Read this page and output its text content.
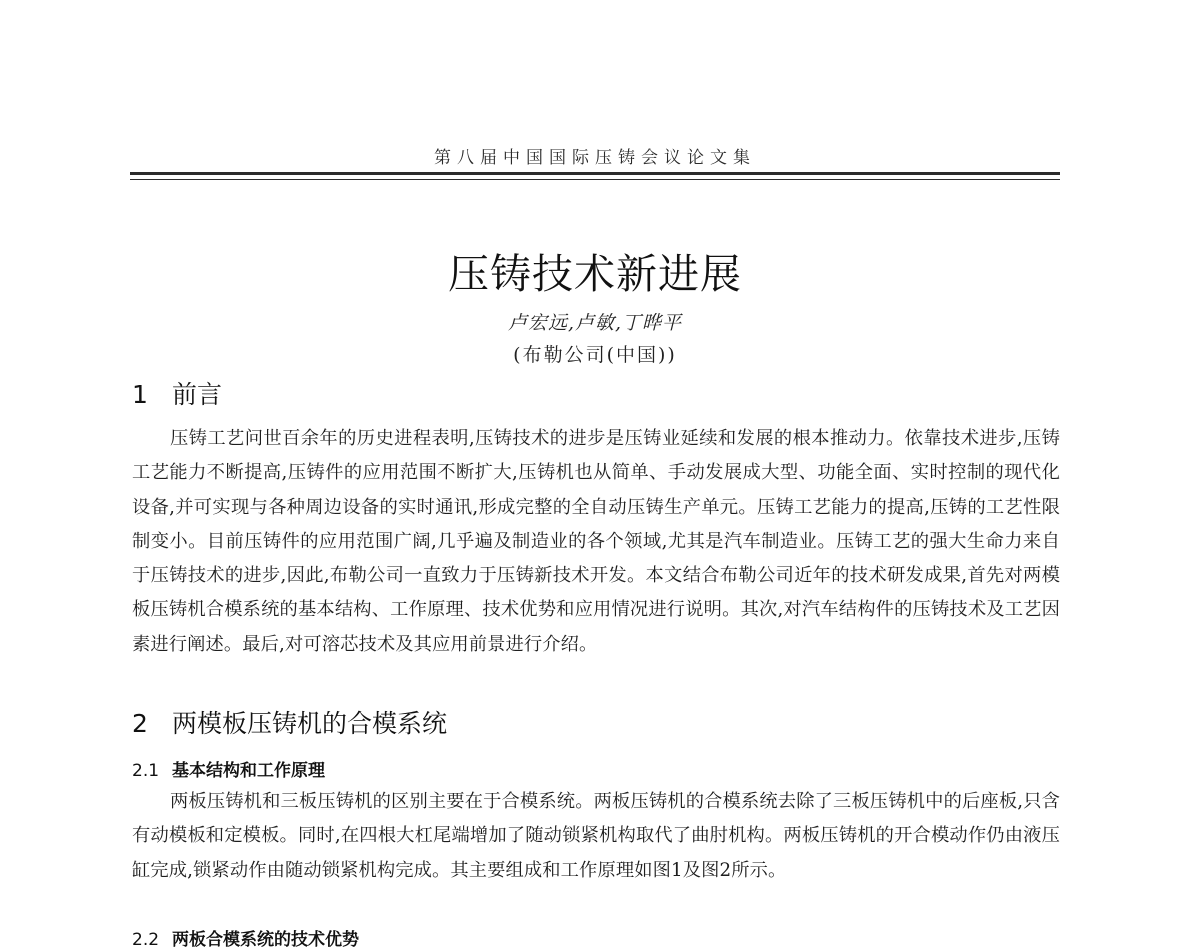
第八届中国国际压铸会议论文集
压铸技术新进展
卢宏远,卢敏,丁晔平
(布勒公司(中国))
1 前言

压铸工艺问世百余年的历史进程表明,压铸技术的进步是压铸业延续和发展的根本推动力。依靠技术进步,压铸工艺能力不断提高,压铸件的应用范围不断扩大,压铸机也从简单、手动发展成大型、功能全面、实时控制的现代化设备,并可实现与各种周边设备的实时通讯,形成完整的全自动压铸生产单元。压铸工艺能力的提高,压铸的工艺性限制变小。目前压铸件的应用范围广阔,几乎遍及制造业的各个领域,尤其是汽车制造业。压铸工艺的强大生命力来自于压铸技术的进步,因此,布勒公司一直致力于压铸新技术开发。本文结合布勒公司近年的技术研发成果,首先对两模板压铸机合模系统的基本结构、工作原理、技术优势和应用情况进行说明。其次,对汽车结构件的压铸技术及工艺因素进行阐述。最后,对可溶芯技术及其应用前景进行介绍。

2 两模板压铸机的合模系统
2.1 基本结构和工作原理

两板压铸机和三板压铸机的区别主要在于合模系统。两板压铸机的合模系统去除了三板压铸机中的后座板,只含有动模板和定模板。同时,在四根大杠尾端增加了随动锁紧机构取代了曲肘机构。两板压铸机的开合模动作仍由液压缸完成,锁紧动作由随动锁紧机构完成。其主要组成和工作原理如图1及图2所示。

2.2 两板合模系统的技术优势
